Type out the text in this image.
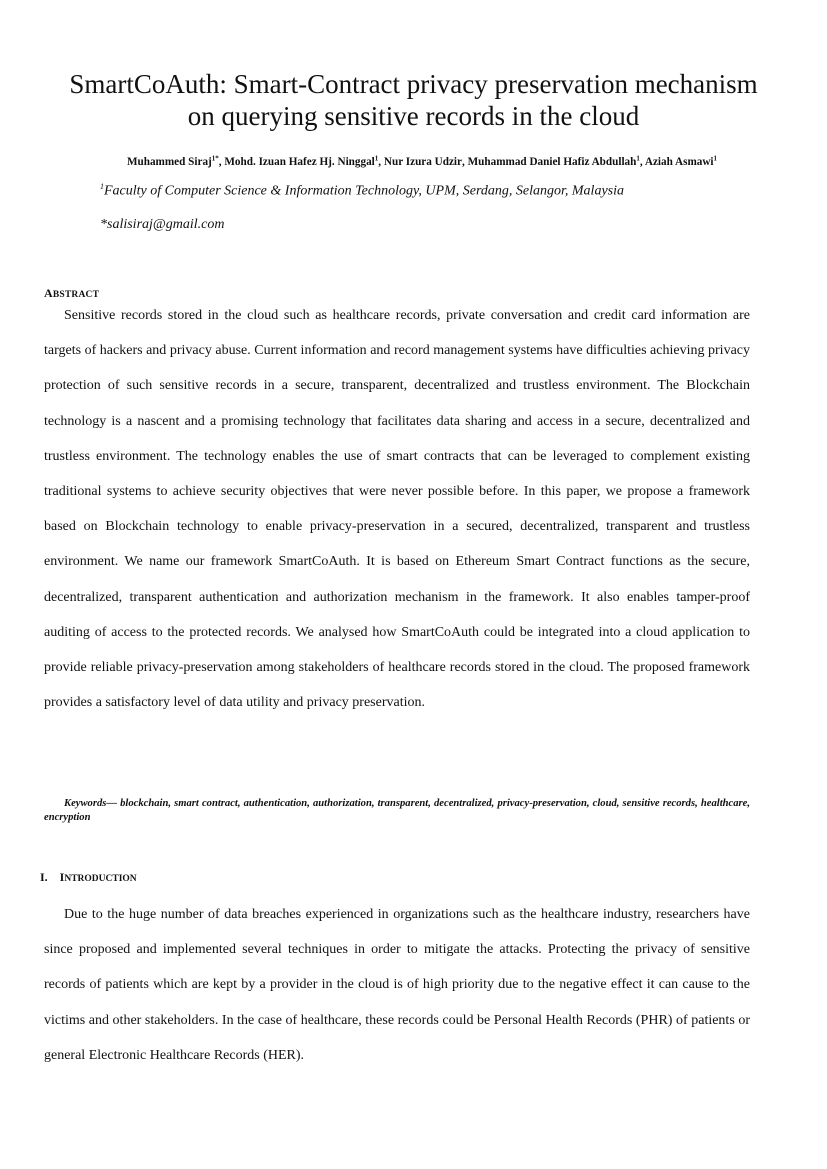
SmartCoAuth: Smart-Contract privacy preservation mechanism on querying sensitive records in the cloud
Muhammed Siraj$^{1*}$, Mohd. Izuan Hafez Hj. Ninggal$^1$, Nur Izura Udzir, Muhammad Daniel Hafiz Abdullah$^1$, Aziah Asmawi$^1$
$^1$Faculty of Computer Science & Information Technology, UPM, Serdang, Selangor, Malaysia
*salisiraj@gmail.com
ABSTRACT

Sensitive records stored in the cloud such as healthcare records, private conversation and credit card information are targets of hackers and privacy abuse. Current information and record management systems have difficulties achieving privacy protection of such sensitive records in a secure, transparent, decentralized and trustless environment. The Blockchain technology is a nascent and a promising technology that facilitates data sharing and access in a secure, decentralized and trustless environment. The technology enables the use of smart contracts that can be leveraged to complement existing traditional systems to achieve security objectives that were never possible before. In this paper, we propose a framework based on Blockchain technology to enable privacy-preservation in a secured, decentralized, transparent and trustless environment. We name our framework SmartCoAuth. It is based on Ethereum Smart Contract functions as the secure, decentralized, transparent authentication and authorization mechanism in the framework. It also enables tamper-proof auditing of access to the protected records. We analysed how SmartCoAuth could be integrated into a cloud application to provide reliable privacy-preservation among stakeholders of healthcare records stored in the cloud. The proposed framework provides a satisfactory level of data utility and privacy preservation.

Keywords— blockchain, smart contract, authentication, authorization, transparent, decentralized, privacy-preservation, cloud, sensitive records, healthcare, encryption

I. INTRODUCTION

Due to the huge number of data breaches experienced in organizations such as the healthcare industry, researchers have since proposed and implemented several techniques in order to mitigate the attacks. Protecting the privacy of sensitive records of patients which are kept by a provider in the cloud is of high priority due to the negative effect it can cause to the victims and other stakeholders. In the case of healthcare, these records could be Personal Health Records (PHR) of patients or general Electronic Healthcare Records (HER).
